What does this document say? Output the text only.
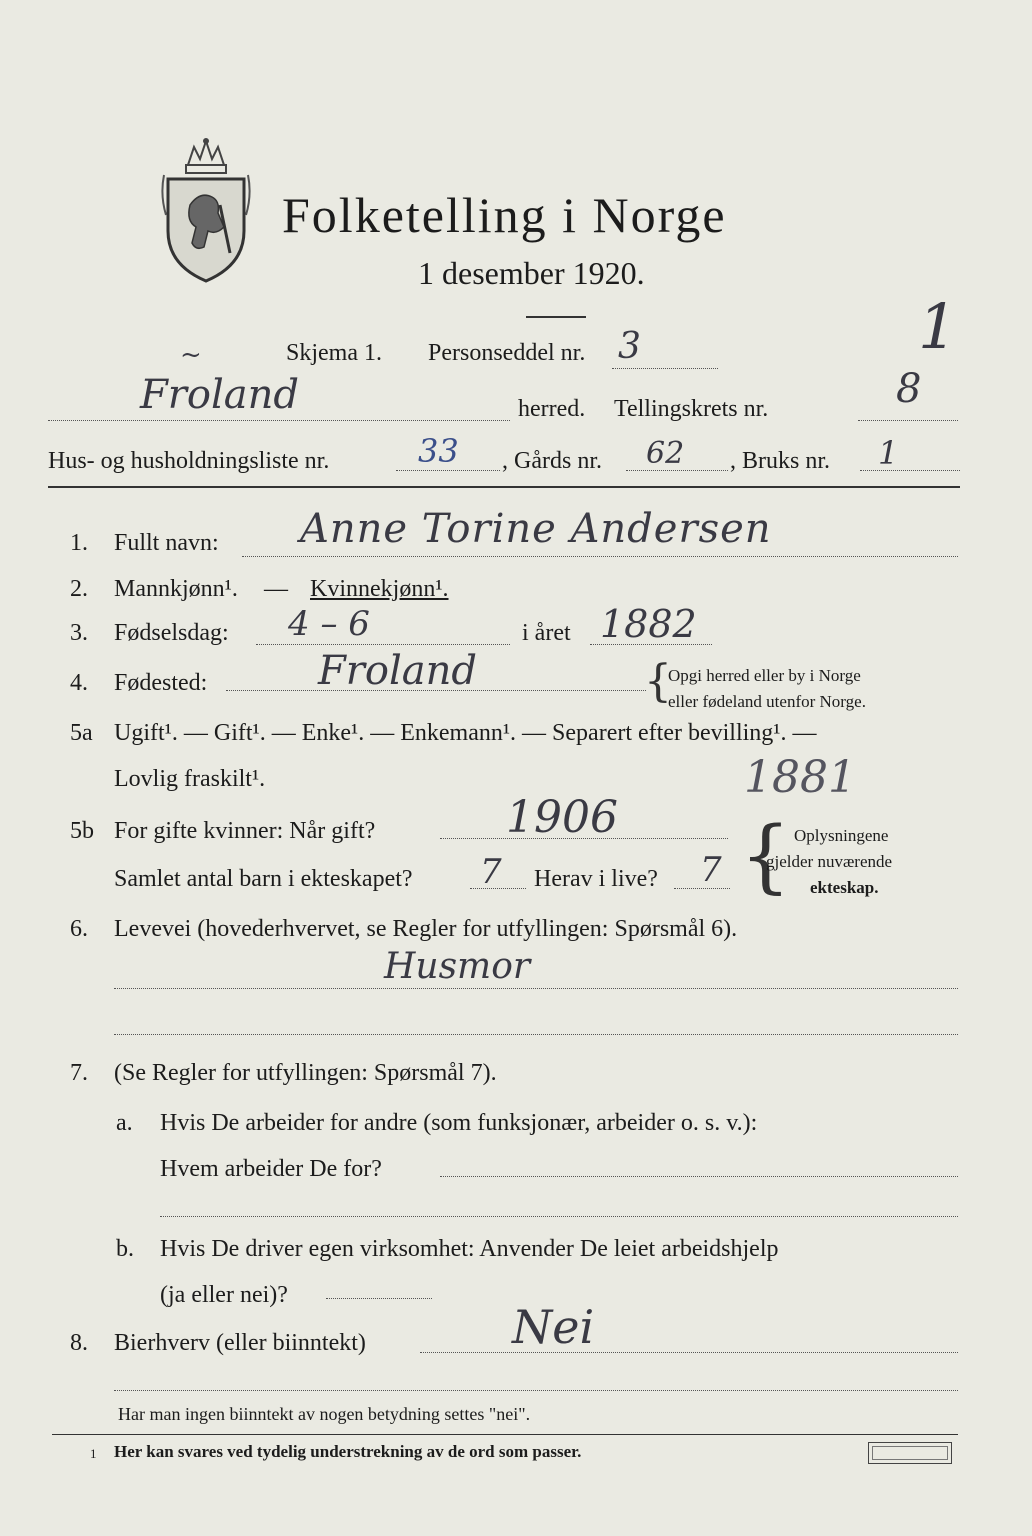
Folketelling i Norge
1 desember 1920.
~	Skjema 1. Personseddel nr. 3	1
Froland	herred. Tellingskrets nr.	8
Hus- og husholdningsliste nr.	33 , Gårds nr. 62 , Bruks nr. 1
1. Fullt navn: Anne Torine Andersen
2. Mannkjønn¹. — Kvinnekjønn¹.
3. Fødselsdag: 4 – 6	i året 1882
4. Fødested:	Froland	{
Opgi herred eller by i Norge
eller fødeland utenfor Norge.
5a Ugift¹. — Gift¹. — Enke¹. — Enkemann¹. — Separert efter bevilling¹. —
Lovlig fraskilt¹.	1881
5b For gifte kvinner: Når gift?	1906
Samlet antal barn i ekteskapet? 7 Herav i live? 7 { Oplysningene
gjelder nuværende
ekteskap.
6. Levevei (hovederhvervet, se Regler for utfyllingen: Spørsmål 6).
Husmor
7. (Se Regler for utfyllingen: Spørsmål 7).
a. Hvis De arbeider for andre (som funksjonær, arbeider o. s. v.):
Hvem arbeider De for?
b. Hvis De driver egen virksomhet: Anvender De leiet arbeidshjelp
(ja eller nei)?
8. Bierhverv (eller biinntekt)	Nei
Har man ingen biinntekt av nogen betydning settes "nei".
1 Her kan svares ved tydelig understrekning av de ord som passer.
